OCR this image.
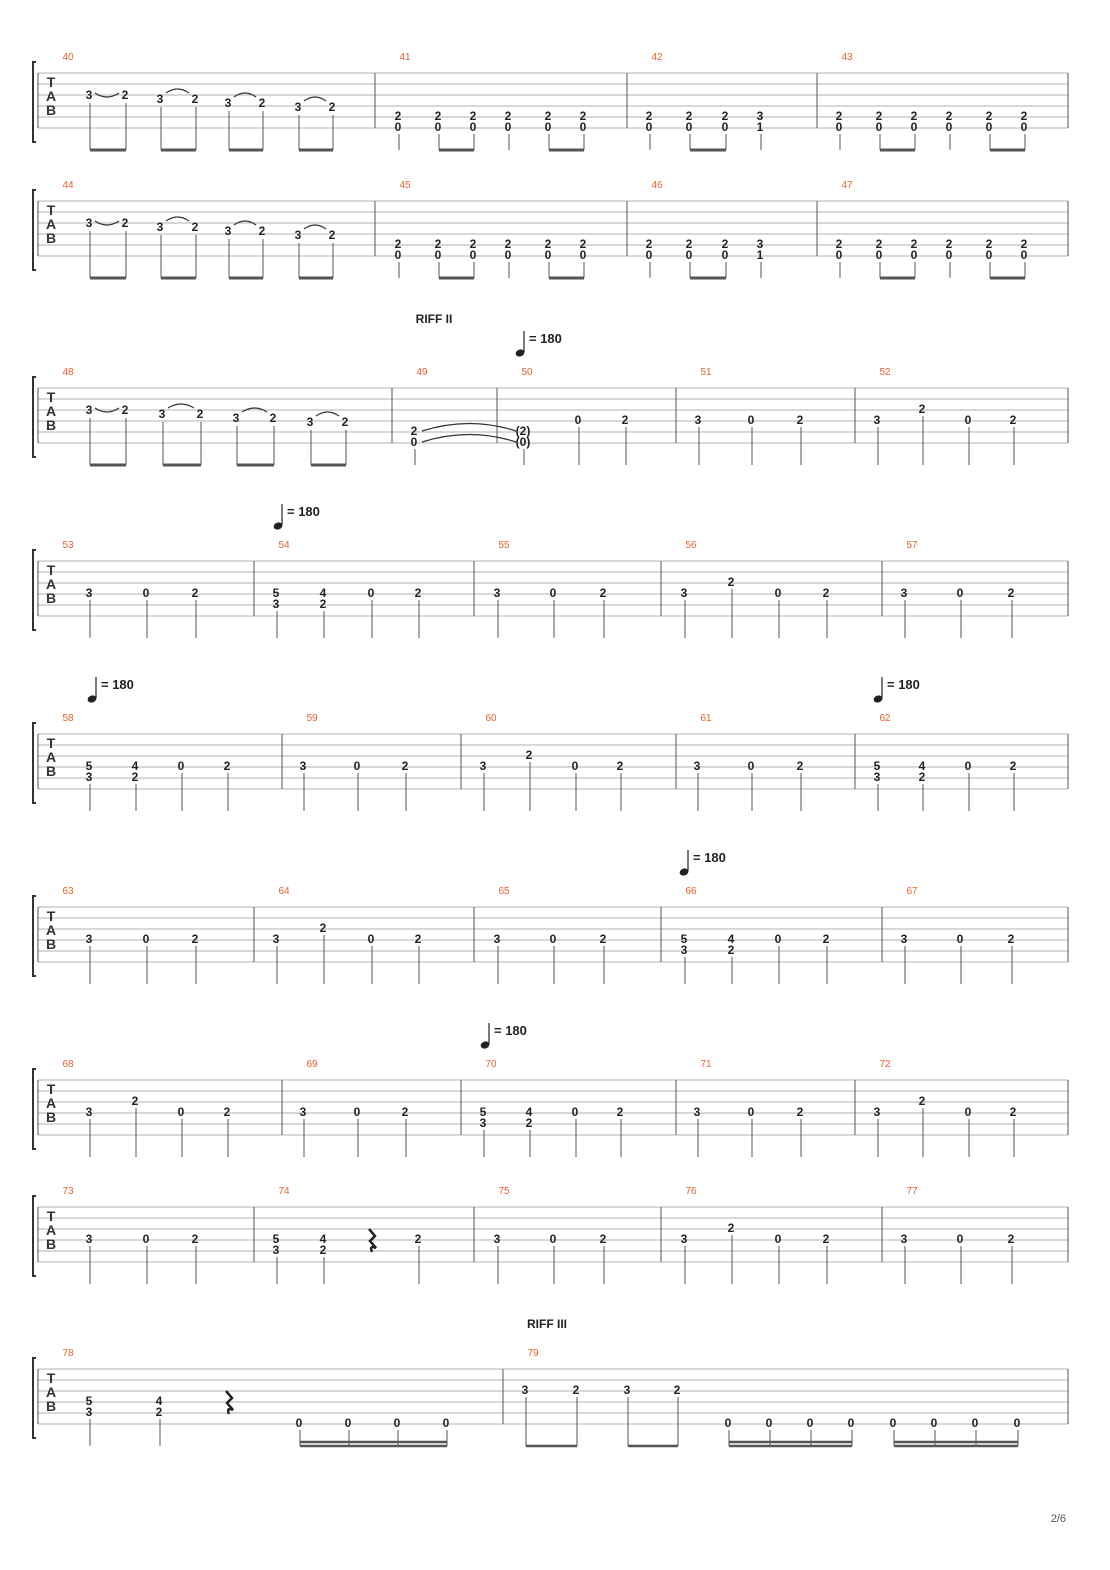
T
A
B
40	41	42	43
T
A
B
44	45	46	47
T
A
B
48	49	50	51	52
T
A
B
53	54	55	56	57
T
A
B
58	59	60	61	62
T
A
B
63	64	65	66	67
T
A
B
68	69	70	71	72
T
A
B
73	74	75	76	77
T
A
B
78	79
3 2 3 2 3 2 3 2
2
0
2
0
2
0
2
0
2
0
2
0
2
0
2
0
2
0
3
1
2
0
2
0
2
0
2
0
2
0
2
0
3 2 3 2 3 2 3 2
2
0
2
0
2
0
2
0
2
0
2
0
2
0
2
0
2
0
3
1
2
0
2
0
2
0
2
0
2
0
2
0
3 2	3	2 3	2	3 2
2
0
(2)
(0)
0	2	3	0	2	3
2
0	2
3	0	2	5
3
4
2
0	2	3	0	2	3
2
0	2	3	0	2
5
3
4
2
0	2	3	0	2	3
2
0	2	3	0	2	5
3
4
2
0	2
3	0	2	3
2
0	2	3	0	2	5
3
4
2
0	2	3	0	2
3
2
0	2	3	0	2	5
3
4
2
0	2	3	0	2	3
2
0	2
3	0	2	5
3
4
2
2	3	0	2	3
2
0	2	3	0	2
5
3
4
2
0	0	0	0
3	2	3	2
0	0	0	0	0	0	0	0
RIFF II
RIFF III
2/6
= 180
= 180
= 180	= 180
= 180
= 180
